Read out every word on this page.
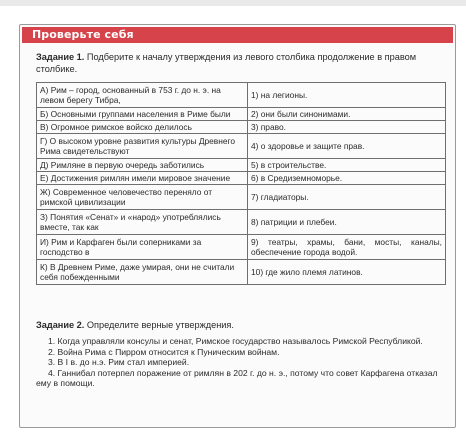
Проверьте себя
Задание 1. Подберите к началу утверждения из левого столбика продолжение в правом столбике.
А) Рим – город, основанный в 753 г. до н. э. на левом берегу Тибра,	1) на легионы.
Б) Основными группами населения в Риме были	2) они были синонимами.
В) Огромное римское войско делилось	3) право.
Г) О высоком уровне развития культуры Древнего Рима свидетельствуют	4) о здоровье и защите прав.
Д) Римляне в первую очередь заботились	5) в строительстве.
Е) Достижения римлян имели мировое значение	6) в Средиземноморье.
Ж) Современное человечество переняло от римской цивилизации	7) гладиаторы.
З) Понятия «Сенат» и «народ» употреблялись вместе, так как	8) патриции и плебеи.
И) Рим и Карфаген были соперниками за господство в	9) театры, храмы, бани, мосты, каналы, обеспечение города водой.
К) В Древнем Риме, даже умирая, они не считали себя побежденными	10) где жило племя латинов.
Задание 2. Определите верные утверждения.

1. Когда управляли консулы и сенат, Римское государство называлось Римской Республикой.

2. Война Рима с Пирром относится к Пуническим войнам.

3. В I в. до н.э. Рим стал империей.

4. Ганнибал потерпел поражение от римлян в 202 г. до н. э., потому что совет Карфагена отказал ему в помощи.
